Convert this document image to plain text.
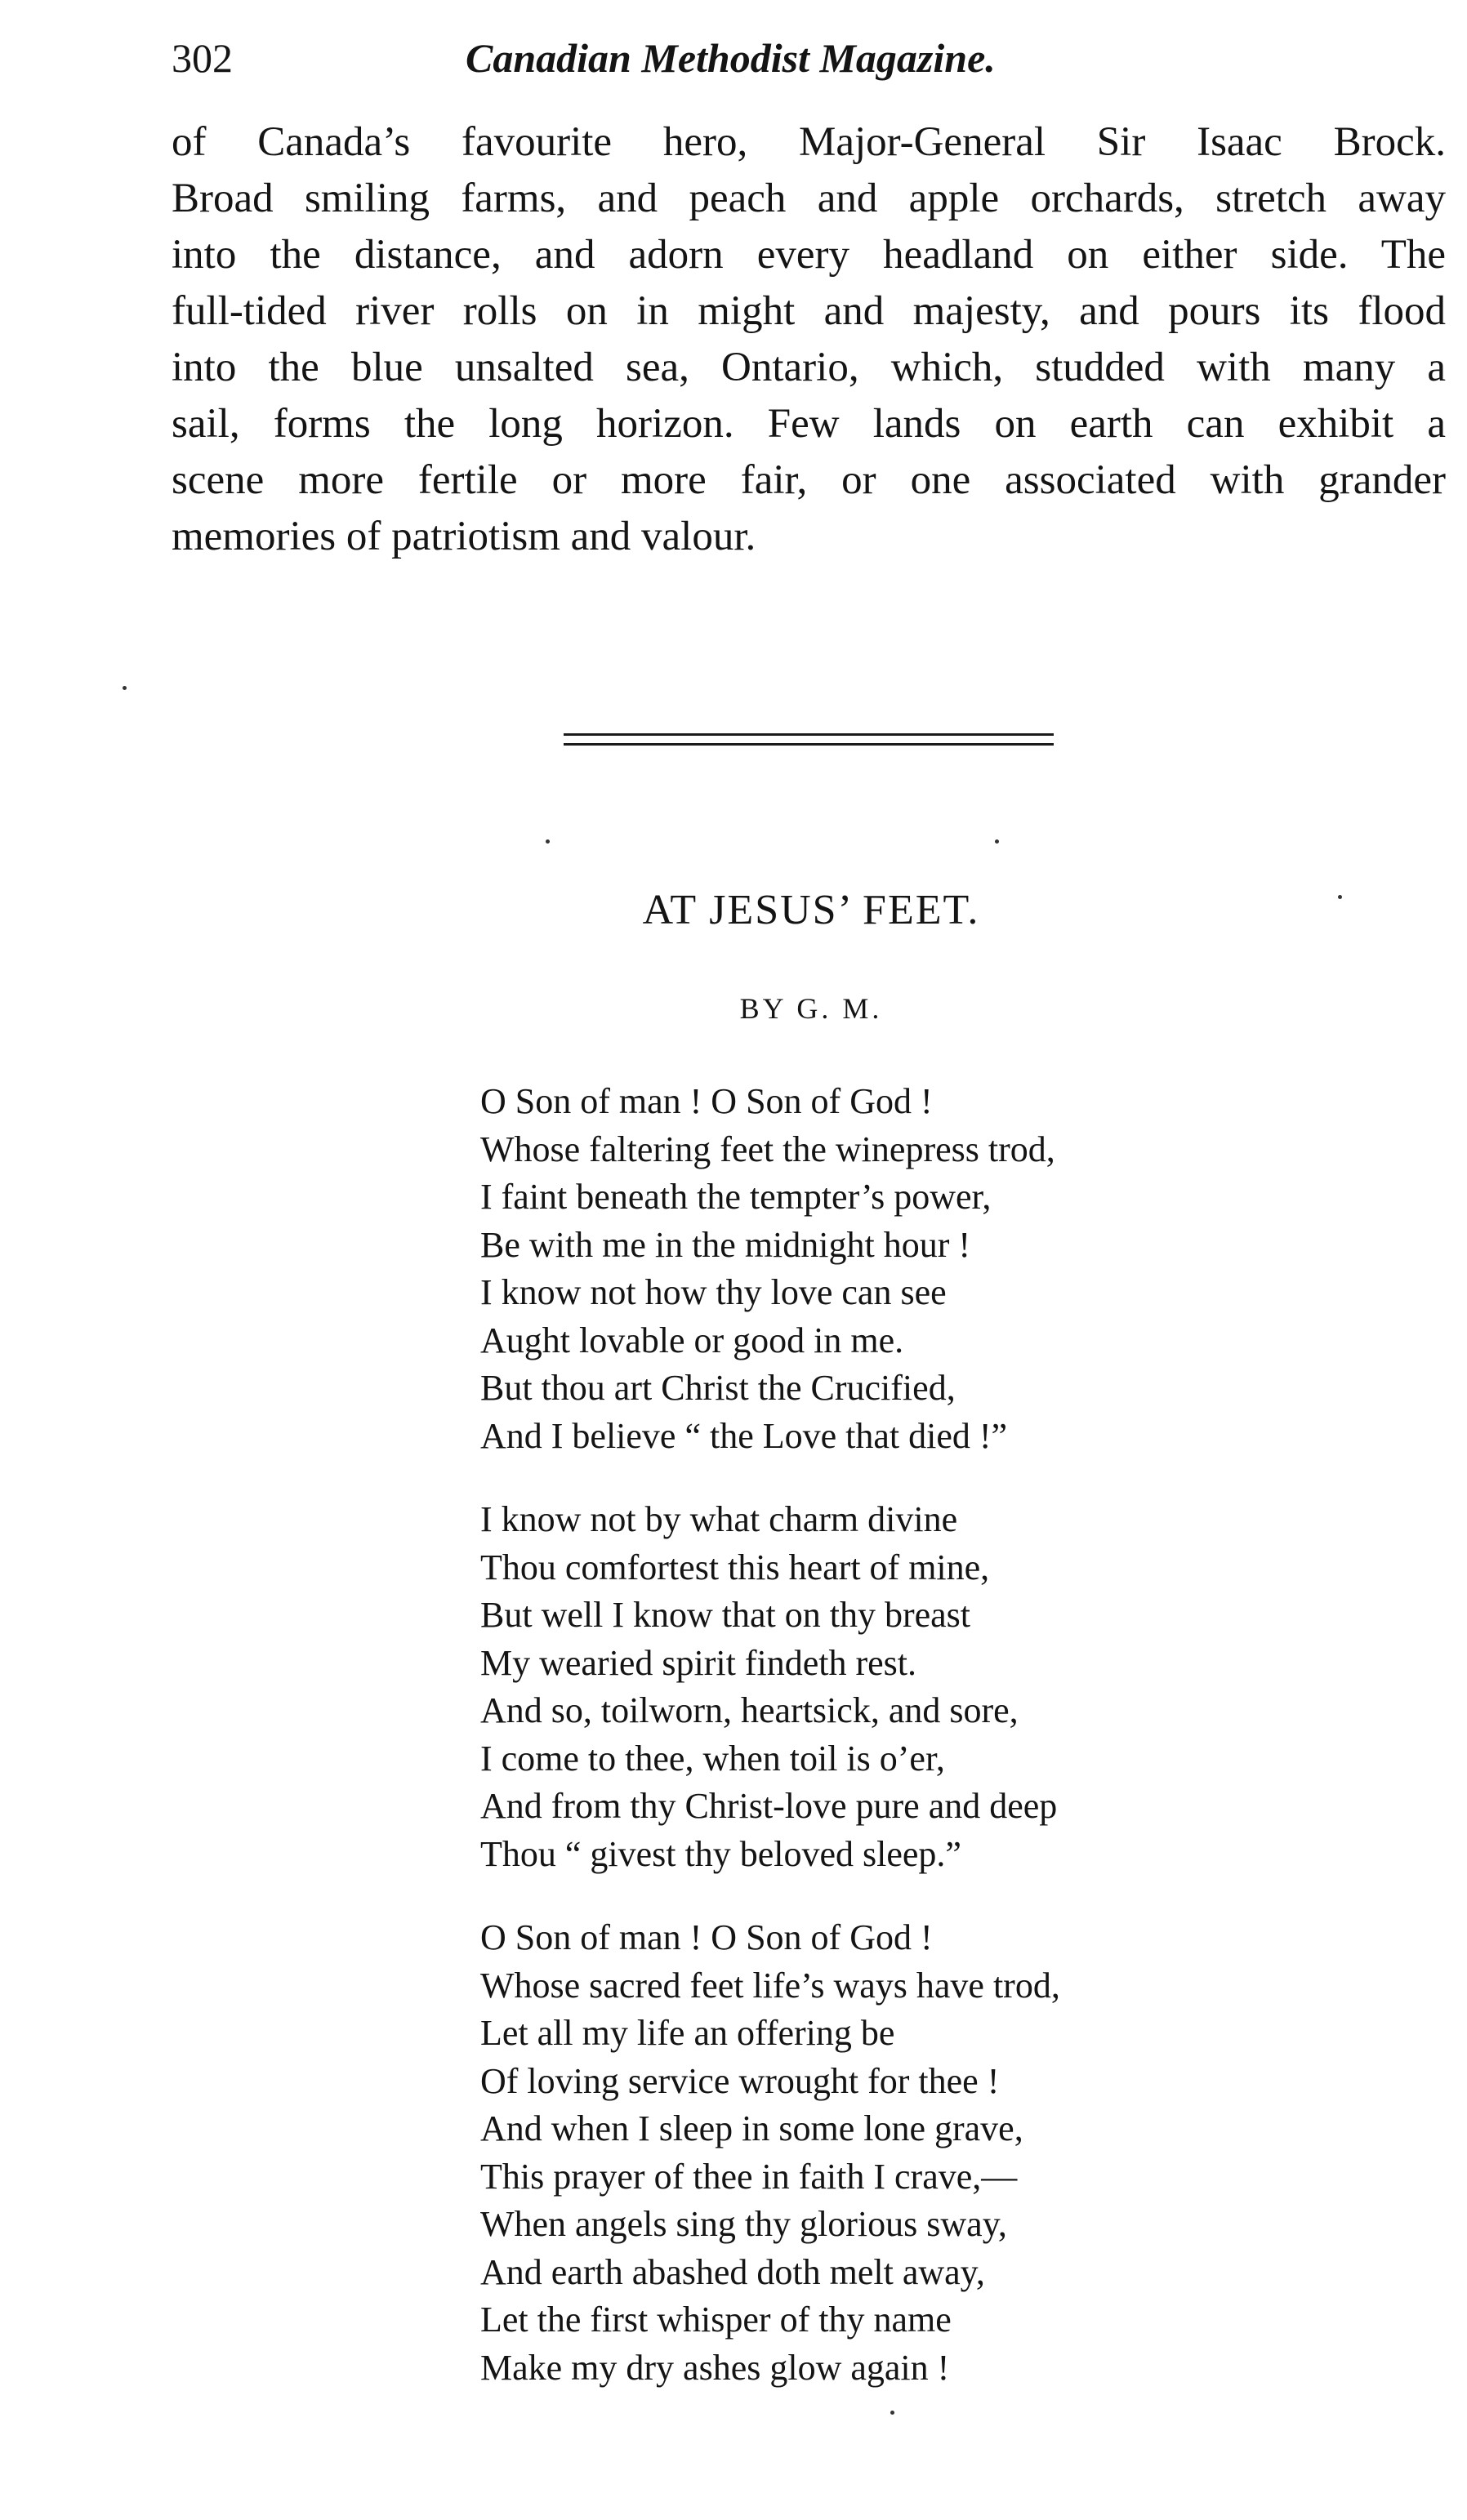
302	Canadian Methodist Magazine.
of Canada’s favourite hero, Major-General Sir Isaac Brock.
Broad smiling farms, and peach and apple orchards, stretch away
into the distance, and adorn every headland on either side. The
full-tided river rolls on in might and majesty, and pours its flood
into the blue unsalted sea, Ontario, which, studded with many a
sail, forms the long horizon. Few lands on earth can exhibit a
scene more fertile or more fair, or one associated with grander
memories of patriotism and valour.
AT JESUS’ FEET.
BY G. M.
O Son of man ! O Son of God !
Whose faltering feet the winepress trod,
I faint beneath the tempter’s power,
Be with me in the midnight hour !
I know not how thy love can see
Aught lovable or good in me.
But thou art Christ the Crucified,
And I believe “ the Love that died !”
I know not by what charm divine
Thou comfortest this heart of mine,
But well I know that on thy breast
My wearied spirit findeth rest.
And so, toilworn, heartsick, and sore,
I come to thee, when toil is o’er,
And from thy Christ-love pure and deep
Thou “ givest thy beloved sleep.”
O Son of man ! O Son of God !
Whose sacred feet life’s ways have trod,
Let all my life an offering be
Of loving service wrought for thee !
And when I sleep in some lone grave,
This prayer of thee in faith I crave,—
When angels sing thy glorious sway,
And earth abashed doth melt away,
Let the first whisper of thy name
Make my dry ashes glow again !
